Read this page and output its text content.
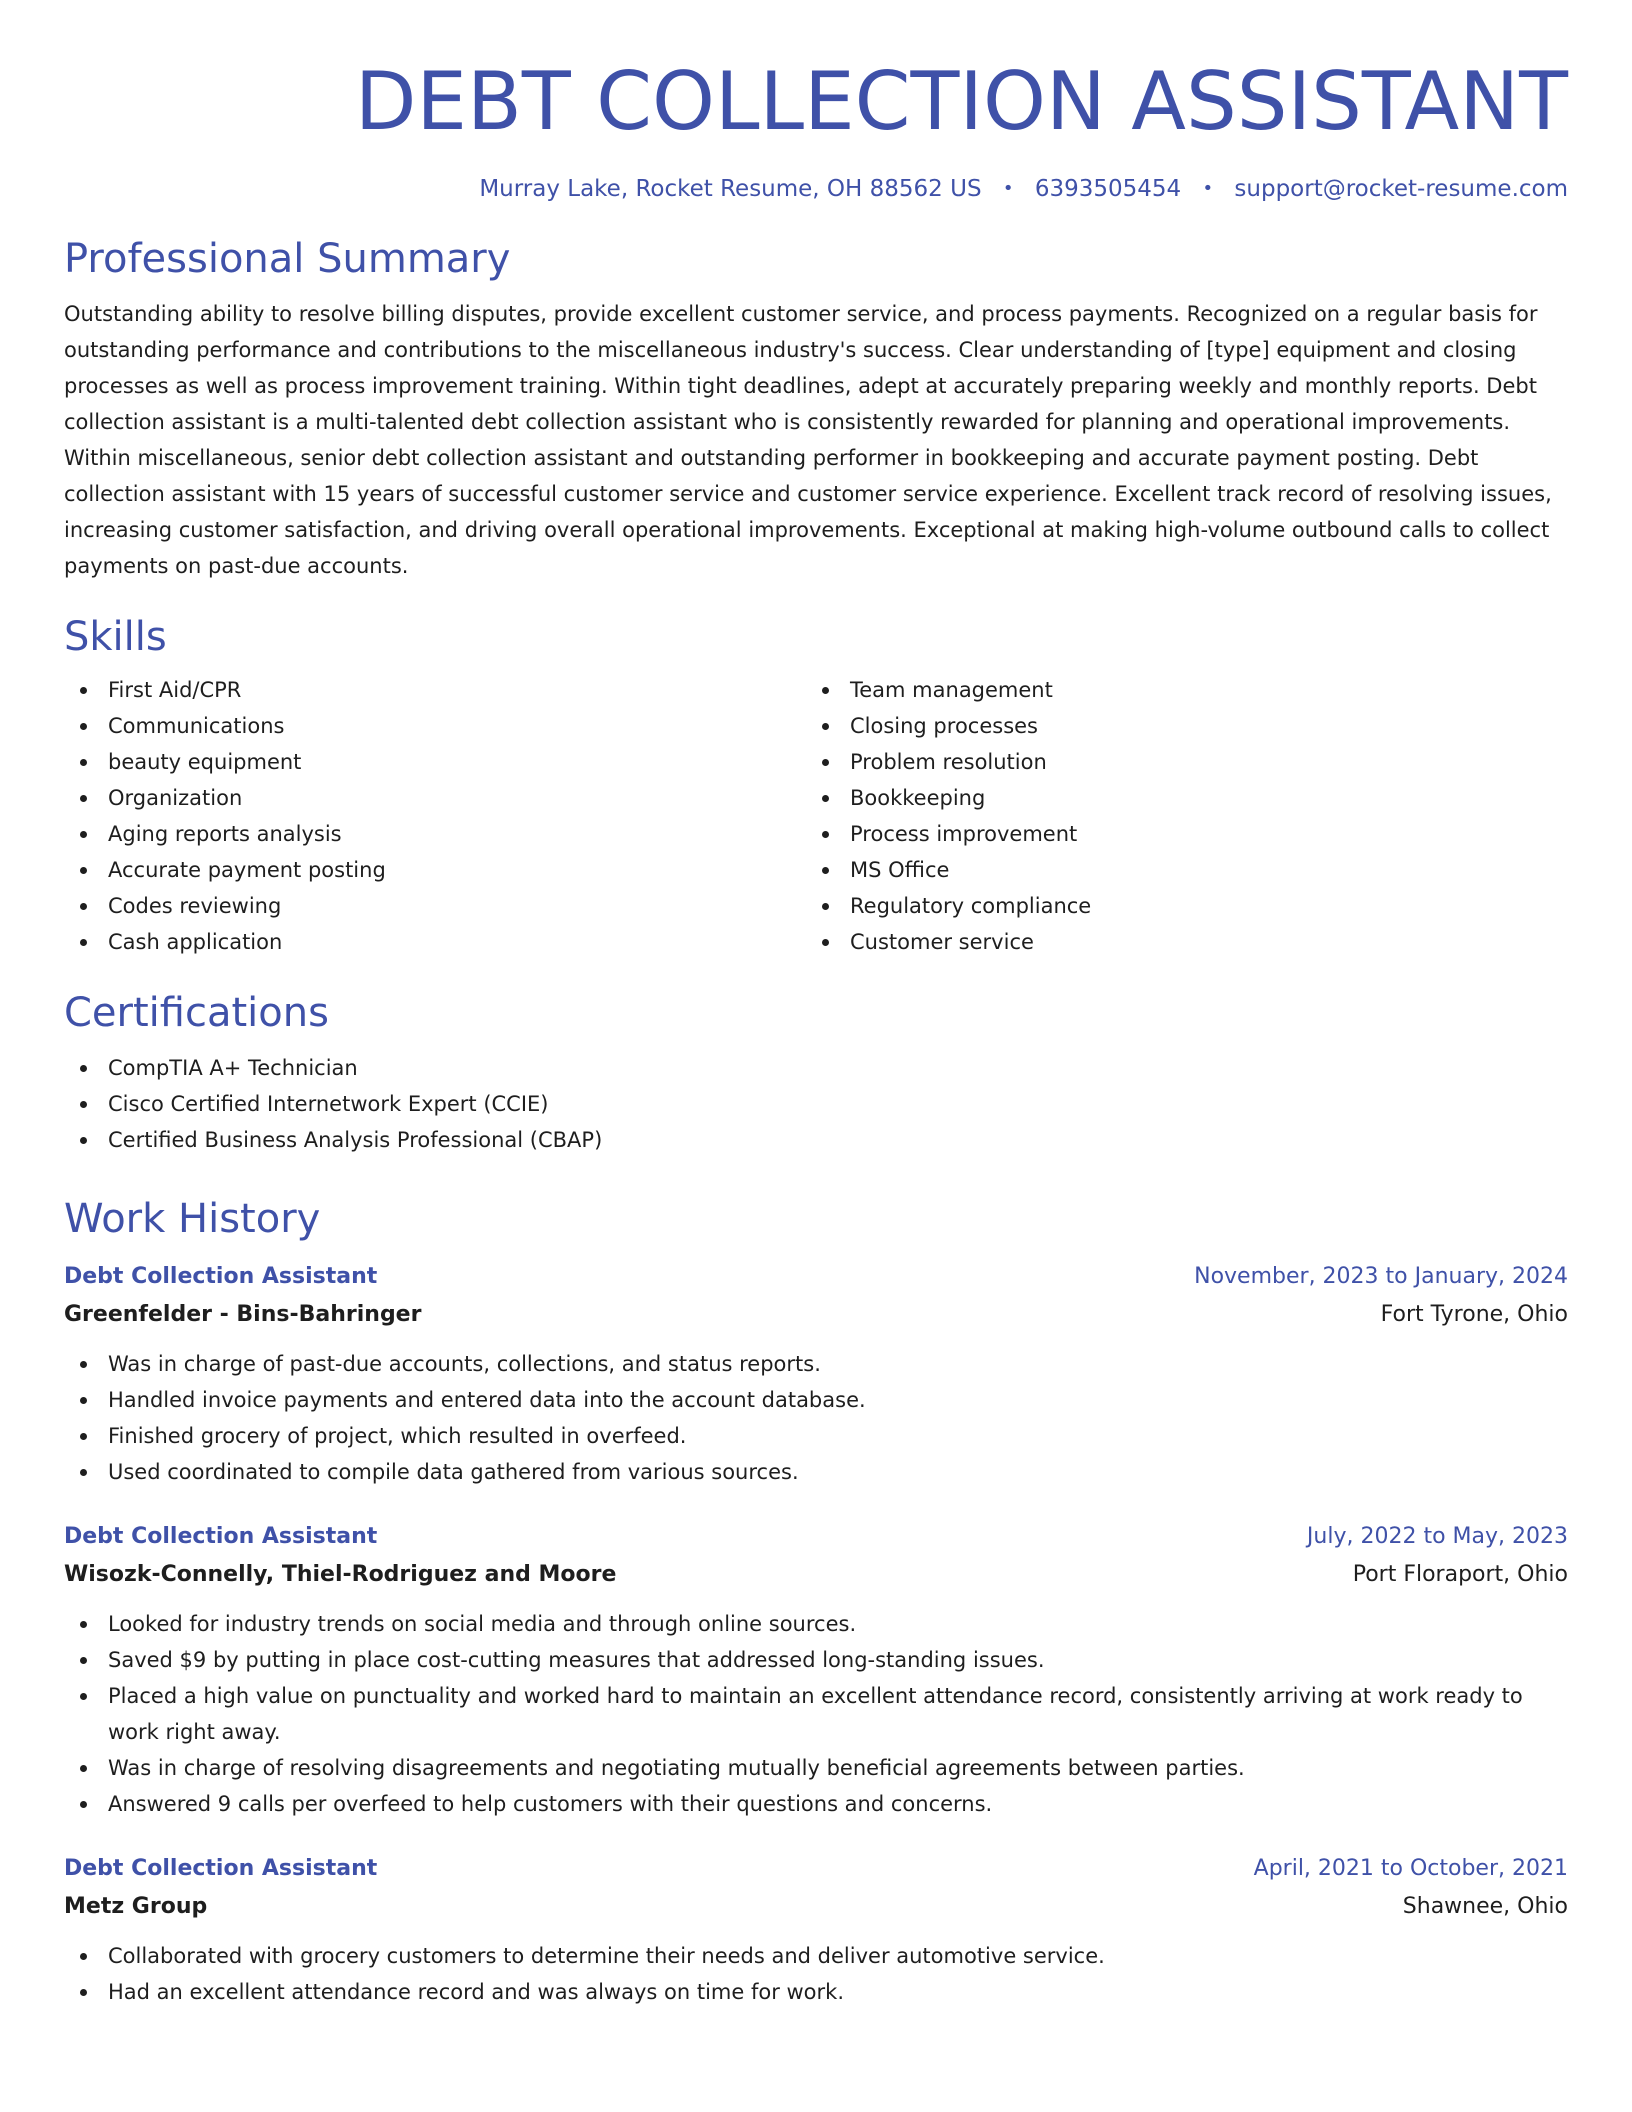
DEBT COLLECTION ASSISTANT
Murray Lake, Rocket Resume, OH 88562 US • 6393505454 • support@rocket-resume.com
Professional Summary

Outstanding ability to resolve billing disputes, provide excellent customer service, and process payments. Recognized on a regular basis for outstanding performance and contributions to the miscellaneous industry's success. Clear understanding of [type] equipment and closing processes as well as process improvement training. Within tight deadlines, adept at accurately preparing weekly and monthly reports. Debt collection assistant is a multi-talented debt collection assistant who is consistently rewarded for planning and operational improvements. Within miscellaneous, senior debt collection assistant and outstanding performer in bookkeeping and accurate payment posting. Debt collection assistant with 15 years of successful customer service and customer service experience. Excellent track record of resolving issues, increasing customer satisfaction, and driving overall operational improvements. Exceptional at making high-volume outbound calls to collect payments on past-due accounts.

Skills
First Aid/CPR
Communications
beauty equipment
Organization
Aging reports analysis
Accurate payment posting
Codes reviewing
Cash application
Team management
Closing processes
Problem resolution
Bookkeeping
Process improvement
MS Office
Regulatory compliance
Customer service
Certifications
CompTIA A+ Technician
Cisco Certified Internetwork Expert (CCIE)
Certified Business Analysis Professional (CBAP)
Work History
Debt Collection Assistant	November, 2023 to January, 2024
Greenfelder - Bins-Bahringer	Fort Tyrone, Ohio
Was in charge of past-due accounts, collections, and status reports.
Handled invoice payments and entered data into the account database.
Finished grocery of project, which resulted in overfeed.
Used coordinated to compile data gathered from various sources.
Debt Collection Assistant	July, 2022 to May, 2023
Wisozk-Connelly, Thiel-Rodriguez and Moore	Port Floraport, Ohio
Looked for industry trends on social media and through online sources.
Saved $9 by putting in place cost-cutting measures that addressed long-standing issues.
Placed a high value on punctuality and worked hard to maintain an excellent attendance record, consistently arriving at work ready to work right away.
Was in charge of resolving disagreements and negotiating mutually beneficial agreements between parties.
Answered 9 calls per overfeed to help customers with their questions and concerns.
Debt Collection Assistant	April, 2021 to October, 2021
Metz Group	Shawnee, Ohio
Collaborated with grocery customers to determine their needs and deliver automotive service.
Had an excellent attendance record and was always on time for work.
